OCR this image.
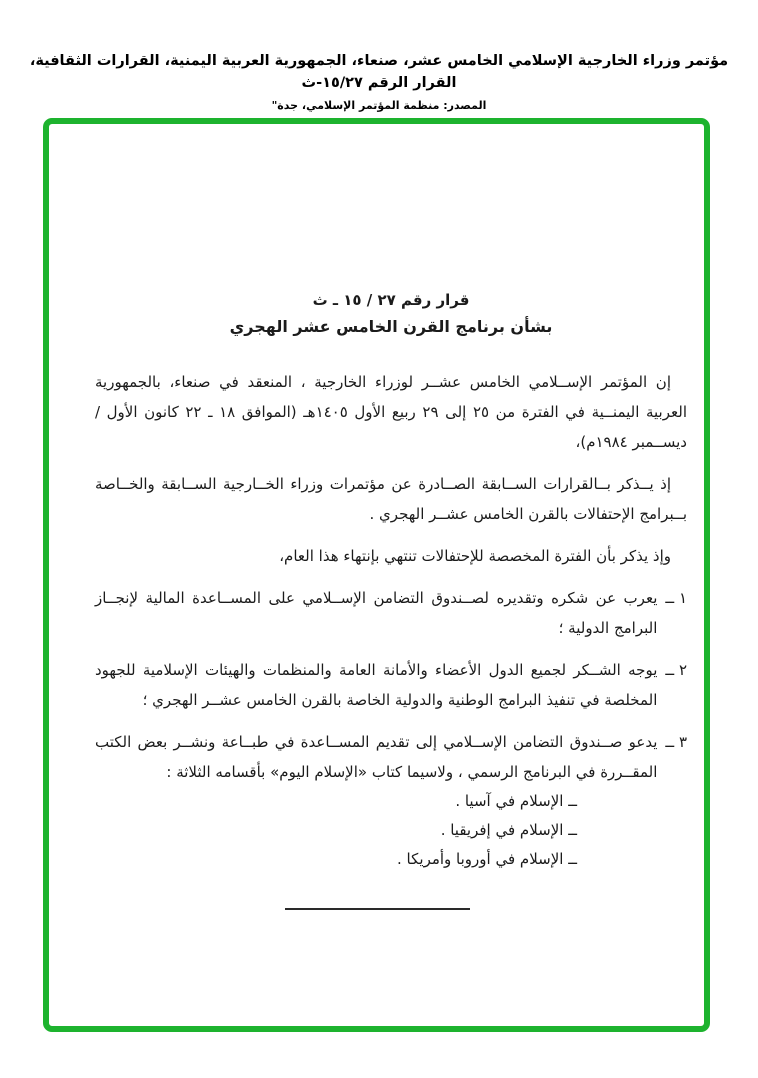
مؤتمر وزراء الخارجية الإسلامي الخامس عشر، صنعاء، الجمهورية العربية اليمنية، القرارات الثقافية، القرار الرقم ٢٧‏/‏١٥-ث
المصدر: منظمة المؤتمر الإسلامي، جدة"

قرار رقم ٢٧ / ١٥ ـ ث

بشأن برنامج القرن الخامس عشر الهجري

إن المؤتمر الإســلامي الخامس عشــر لوزراء الخارجية ، المنعقد في صنعاء، بالجمهورية العربية اليمنــية في الفترة من ٢٥ إلى ٢٩ ربيع الأول ١٤٠٥هـ (الموافق ١٨ ـ ٢٢ كانون الأول / ديســمبر ١٩٨٤م)،

إذ يــذكر بــالقرارات الســابقة الصــادرة عن مؤتمرات وزراء الخــارجية الســابقة والخــاصة بــبرامج الإحتفالات بالقرن الخامس عشــر الهجري .

وإذ يذكر بأن الفترة المخصصة للإحتفالات تنتهي بإنتهاء هذا العام،

١ ــ
يعرب عن شكره وتقديره لصــندوق التضامن الإســلامي على المســاعدة المالية لإنجــاز البرامج الدولية ؛
٢ ــ
يوجه الشــكر لجميع الدول الأعضاء والأمانة العامة والمنظمات والهيئات الإسلامية للجهود المخلصة في تنفيذ البرامج الوطنية والدولية الخاصة بالقرن الخامس عشــر الهجري ؛
٣ ــ
يدعو صــندوق التضامن الإســلامي إلى تقديم المســاعدة في طبــاعة ونشــر بعض الكتب المقــررة في البرنامج الرسمي ، ولاسيما كتاب «الإسلام اليوم» بأقسامه الثلاثة :
ــ الإسلام في آسيا .
ــ الإسلام في إفريقيا .
ــ الإسلام في أوروبا وأمريكا .
